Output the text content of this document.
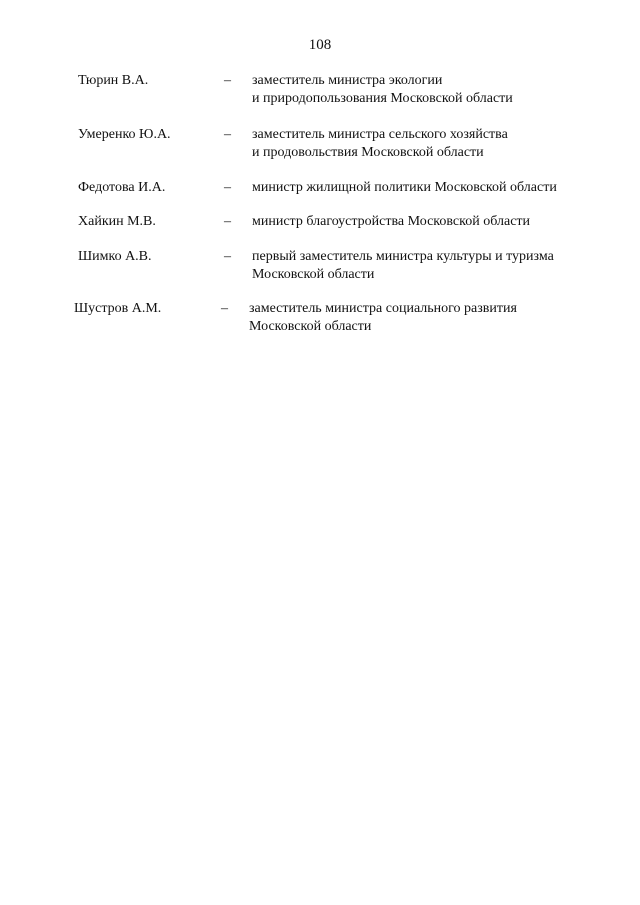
108
Тюрин В.А.	– заместитель министра экологии
и природопользования Московской области
Умеренко Ю.А.	– заместитель министра сельского хозяйства
и продовольствия Московской области
Федотова И.А.	– министр жилищной политики Московской области
Хайкин М.В.	– министр благоустройства Московской области
Шимко А.В.	– первый заместитель министра культуры и туризма
Московской области
Шустров А.М.	– заместитель министра социального развития
Московской области
